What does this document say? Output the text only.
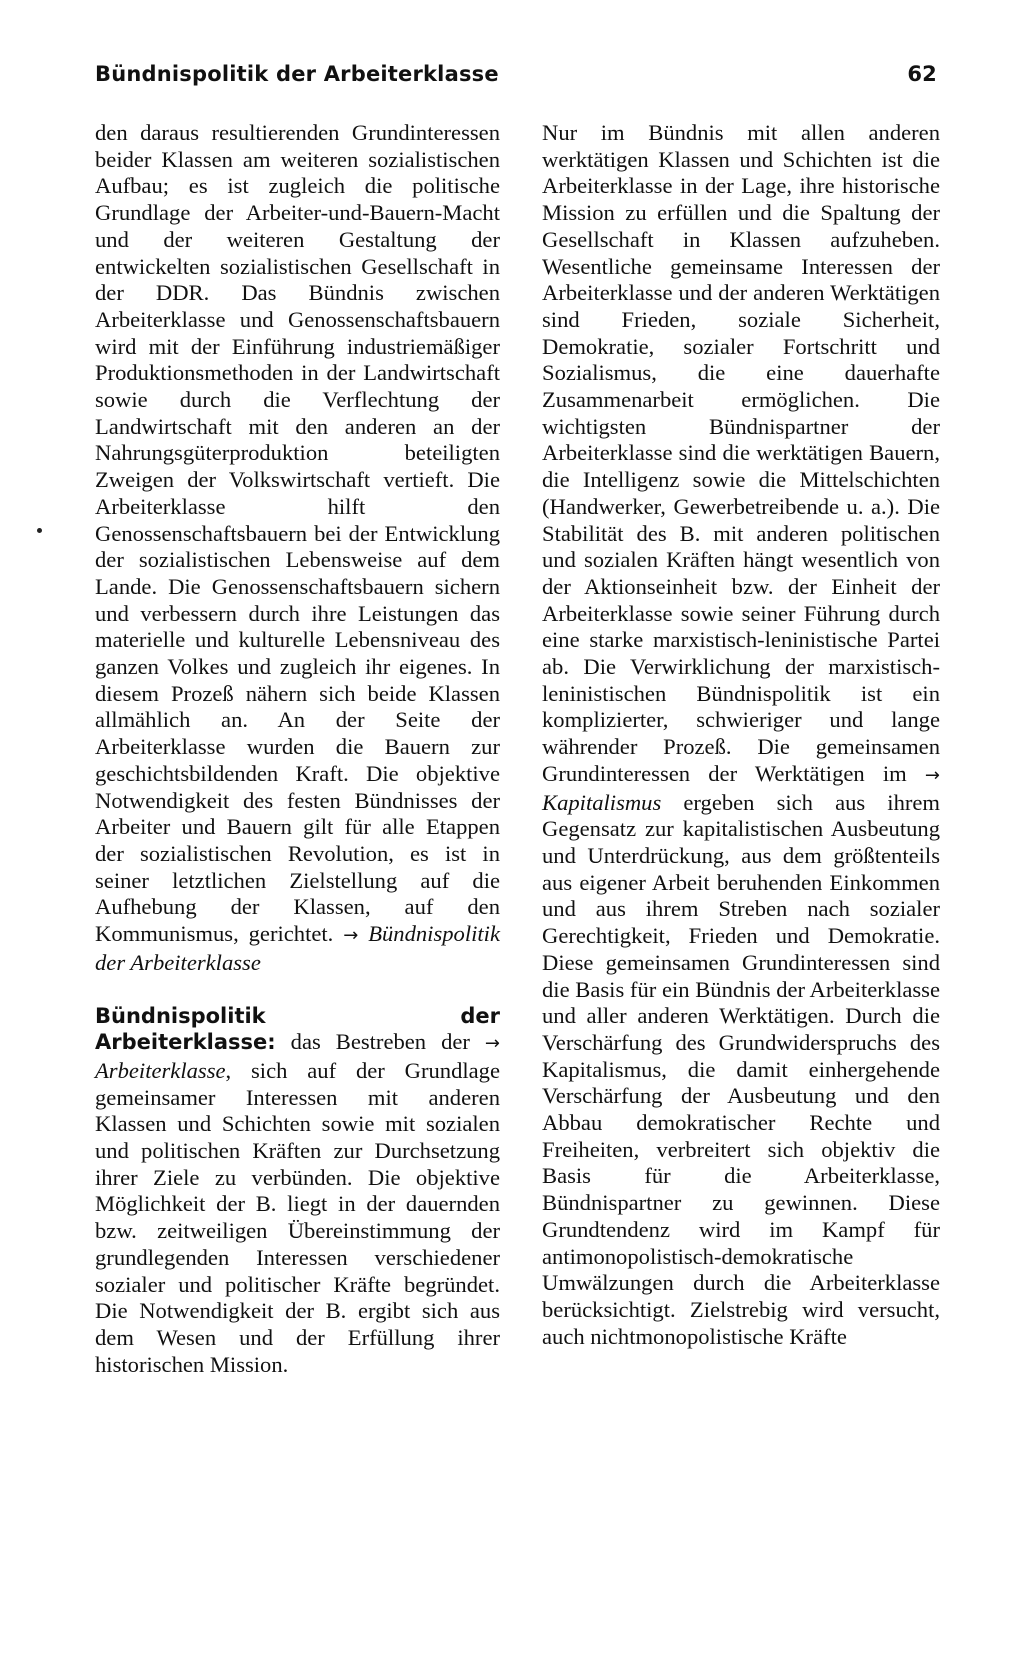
Bündnispolitik der Arbeiterklasse	62

den daraus resultierenden Grundinteressen beider Klassen am weiteren sozialistischen Aufbau; es ist zugleich die politische Grundlage der Arbeiter-und-Bauern-Macht und der weiteren Gestaltung der entwickelten sozialistischen Gesellschaft in der DDR. Das Bündnis zwischen Arbeiterklasse und Genossenschaftsbauern wird mit der Einführung industriemäßiger Produktionsmethoden in der Landwirtschaft sowie durch die Verflechtung der Landwirtschaft mit den anderen an der Nahrungsgüterproduktion beteiligten Zweigen der Volkswirtschaft vertieft. Die Arbeiterklasse hilft den Genossenschaftsbauern bei der Entwicklung der sozialistischen Lebensweise auf dem Lande. Die Genossenschaftsbauern sichern und verbessern durch ihre Leistungen das materielle und kulturelle Lebensniveau des ganzen Volkes und zugleich ihr eigenes. In diesem Prozeß nähern sich beide Klassen allmählich an. An der Seite der Arbeiterklasse wurden die Bauern zur geschichtsbildenden Kraft. Die objektive Notwendigkeit des festen Bündnisses der Arbeiter und Bauern gilt für alle Etappen der sozialistischen Revolution, es ist in seiner letztlichen Zielstellung auf die Aufhebung der Klassen, auf den Kommunismus, gerichtet. → Bündnispolitik der Arbeiterklasse

Bündnispolitik der Arbeiterklasse: das Bestreben der → Arbeiterklasse, sich auf der Grundlage gemeinsamer Interessen mit anderen Klassen und Schichten sowie mit sozialen und politischen Kräften zur Durchsetzung ihrer Ziele zu verbünden. Die objektive Möglichkeit der B. liegt in der dauernden bzw. zeitweiligen Übereinstimmung der grundlegenden Interessen verschiedener sozialer und politischer Kräfte begründet. Die Notwendigkeit der B. ergibt sich aus dem Wesen und der Erfüllung ihrer historischen Mission.

Nur im Bündnis mit allen anderen werktätigen Klassen und Schichten ist die Arbeiterklasse in der Lage, ihre historische Mission zu erfüllen und die Spaltung der Gesellschaft in Klassen aufzuheben. Wesentliche gemeinsame Interessen der Arbeiterklasse und der anderen Werktätigen sind Frieden, soziale Sicherheit, Demokratie, sozialer Fortschritt und Sozialismus, die eine dauerhafte Zusammenarbeit ermöglichen. Die wichtigsten Bündnispartner der Arbeiterklasse sind die werktätigen Bauern, die Intelligenz sowie die Mittelschichten (Handwerker, Gewerbetreibende u. a.). Die Stabilität des B. mit anderen politischen und sozialen Kräften hängt wesentlich von der Aktionseinheit bzw. der Einheit der Arbeiterklasse sowie seiner Führung durch eine starke marxistisch-leninistische Partei ab. Die Verwirklichung der marxistisch-leninistischen Bündnispolitik ist ein komplizierter, schwieriger und lange währender Prozeß. Die gemeinsamen Grundinteressen der Werktätigen im → Kapitalismus ergeben sich aus ihrem Gegensatz zur kapitalistischen Ausbeutung und Unterdrückung, aus dem größtenteils aus eigener Arbeit beruhenden Einkommen und aus ihrem Streben nach sozialer Gerechtigkeit, Frieden und Demokratie. Diese gemeinsamen Grundinteressen sind die Basis für ein Bündnis der Arbeiterklasse und aller anderen Werktätigen. Durch die Verschärfung des Grundwiderspruchs des Kapitalismus, die damit einhergehende Verschärfung der Ausbeutung und den Abbau demokratischer Rechte und Freiheiten, verbreitert sich objektiv die Basis für die Arbeiterklasse, Bündnispartner zu gewinnen. Diese Grundtendenz wird im Kampf für antimonopolistisch-demokratische Umwälzungen durch die Arbeiterklasse berücksichtigt. Zielstrebig wird versucht, auch nichtmonopolistische Kräfte
